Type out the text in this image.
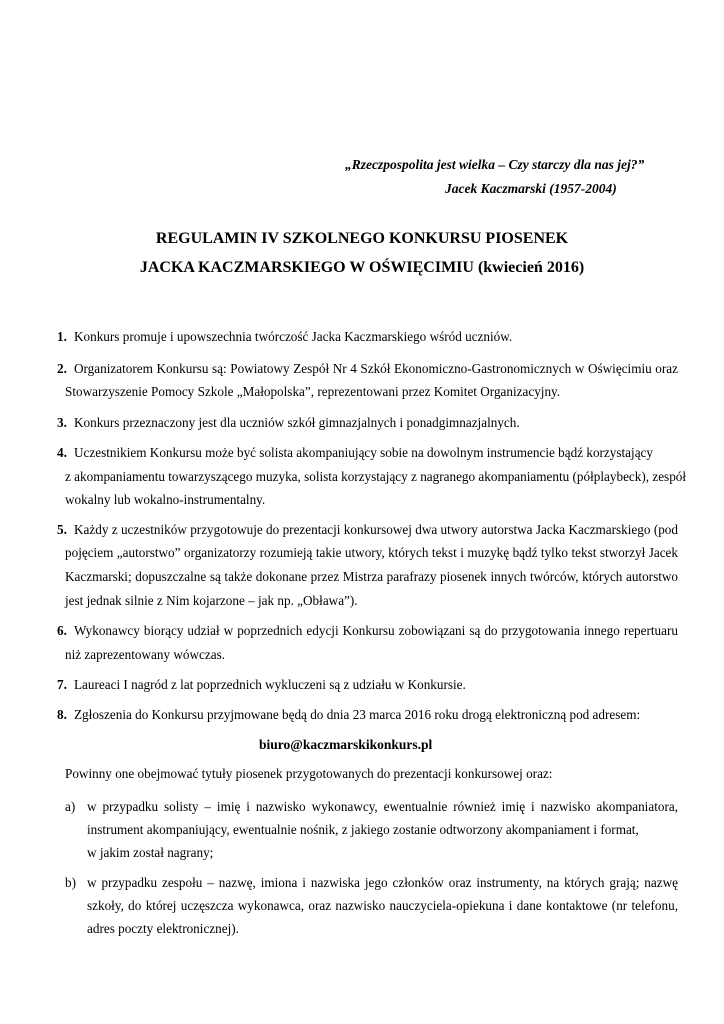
„Rzeczpospolita jest wielka – Czy starczy dla nas jej?”
Jacek Kaczmarski (1957-2004)
REGULAMIN IV SZKOLNEGO KONKURSU PIOSENEK
JACKA KACZMARSKIEGO W OŚWIĘCIMIU (kwiecień 2016)
1. Konkurs promuje i upowszechnia twórczość Jacka Kaczmarskiego wśród uczniów.
2. Organizatorem Konkursu są: Powiatowy Zespół Nr 4 Szkół Ekonomiczno-Gastronomicznych w Oświęcimiu oraz
Stowarzyszenie Pomocy Szkole „Małopolska”, reprezentowani przez Komitet Organizacyjny.
3. Konkurs przeznaczony jest dla uczniów szkół gimnazjalnych i ponadgimnazjalnych.
4. Uczestnikiem Konkursu może być solista akompaniujący sobie na dowolnym instrumencie bądź korzystający
z akompaniamentu towarzyszącego muzyka, solista korzystający z nagranego akompaniamentu (półplaybeck), zespół
wokalny lub wokalno-instrumentalny.
5. Każdy z uczestników przygotowuje do prezentacji konkursowej dwa utwory autorstwa Jacka Kaczmarskiego (pod
pojęciem „autorstwo” organizatorzy rozumieją takie utwory, których tekst i muzykę bądź tylko tekst stworzył Jacek
Kaczmarski; dopuszczalne są także dokonane przez Mistrza parafrazy piosenek innych twórców, których autorstwo
jest jednak silnie z Nim kojarzone – jak np. „Obława”).
6. Wykonawcy biorący udział w poprzednich edycji Konkursu zobowiązani są do przygotowania innego repertuaru
niż zaprezentowany wówczas.
7. Laureaci I nagród z lat poprzednich wykluczeni są z udziału w Konkursie.
8. Zgłoszenia do Konkursu przyjmowane będą do dnia 23 marca 2016 roku drogą elektroniczną pod adresem:
biuro@kaczmarskikonkurs.pl
Powinny one obejmować tytuły piosenek przygotowanych do prezentacji konkursowej oraz:
a) w przypadku solisty – imię i nazwisko wykonawcy, ewentualnie również imię i nazwisko akompaniatora,
instrument akompaniujący, ewentualnie nośnik, z jakiego zostanie odtworzony akompaniament i format,
w jakim został nagrany;
b) w przypadku zespołu – nazwę, imiona i nazwiska jego członków oraz instrumenty, na których grają; nazwę
szkoły, do której uczęszcza wykonawca, oraz nazwisko nauczyciela-opiekuna i dane kontaktowe (nr telefonu,
adres poczty elektronicznej).
